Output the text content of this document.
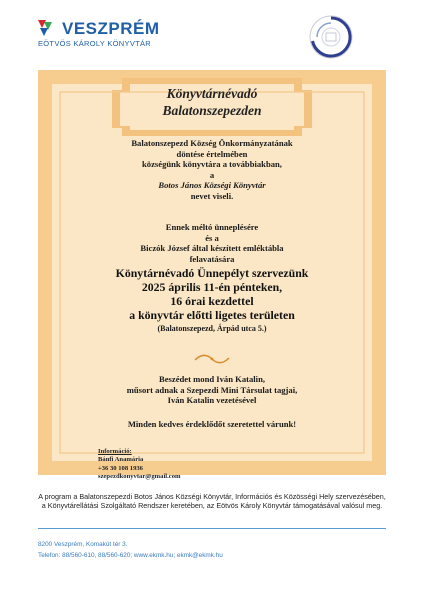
VESZPRÉM
EÖTVÖS KÁROLY KÖNYVTÁR
Könyvtárnévadó
Balatonszepezden
Balatonszepezd Község Önkormányzatának
döntése értelmében
községünk könyvtára a továbbiakban,
a
Botos János Községi Könyvtár
nevet viseli.
Ennek méltó ünneplésére
és a
Biczók József által készített emléktábla
felavatására
Könytárnévadó Ünnepélyt szervezünk
2025 április 11-én pénteken,
16 órai kezdettel
a könyvtár előtti ligetes területen
(Balatonszepezd, Árpád utca 5.)
Beszédet mond Iván Katalin,
műsort adnak a Szepezdi Mini Társulat tagjai,
Iván Katalin vezetésével
Minden kedves érdeklődőt szeretettel várunk!
Információ:
Bánfi Anamária
+36 30 108 1936
szepezdkonyvtar@gmail.com
A program a Balatonszepezdi Botos János Községi Könyvtár, Információs és Közösségi Hely szervezésében, a Könyvtárellátási Szolgáltató Rendszer keretében, az Eötvös Károly Könyvtár támogatásával valósul meg.
8200 Veszprém, Komakút tér 3.
Telefon: 88/560-610, 88/560-620; www.ekmk.hu; ekmk@ekmk.hu
